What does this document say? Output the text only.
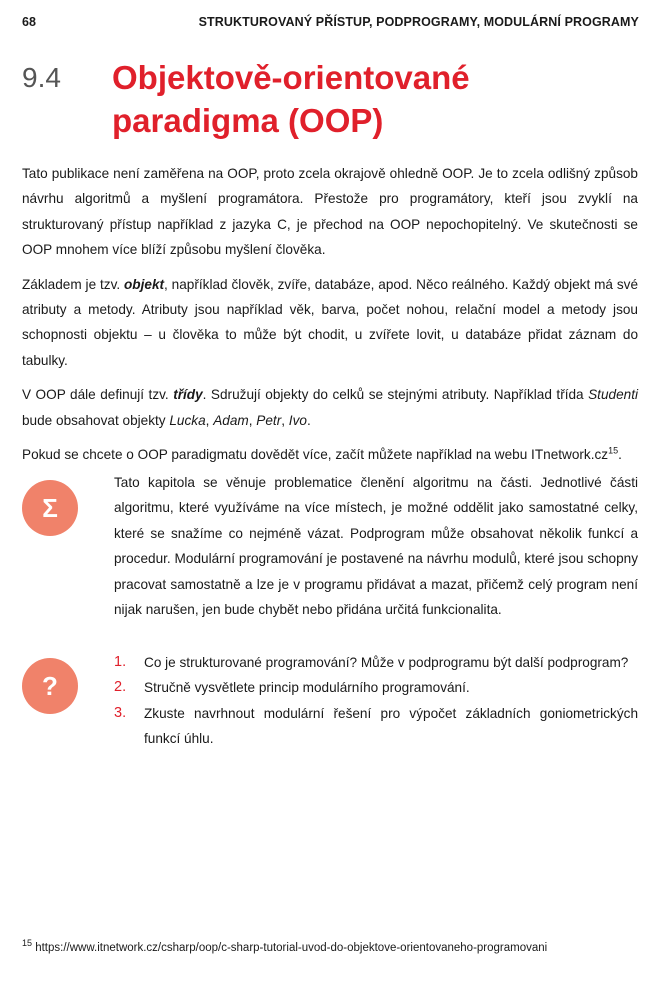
68	STRUKTUROVANÝ PŘÍSTUP, PODPROGRAMY, MODULÁRNÍ PROGRAMY
9.4 Objektově-orientované paradigma (OOP)

Tato publikace není zaměřena na OOP, proto zcela okrajově ohledně OOP. Je to zcela odlišný způsob návrhu algoritmů a myšlení programátora. Přestože pro programátory, kteří jsou zvyklí na strukturovaný přístup například z jazyka C, je přechod na OOP nepochopitelný. Ve skutečnosti se OOP mnohem více blíží způsobu myšlení člověka.

Základem je tzv. objekt, například člověk, zvíře, databáze, apod. Něco reálného. Každý objekt má své atributy a metody. Atributy jsou například věk, barva, počet nohou, relační model a metody jsou schopnosti objektu – u člověka to může být chodit, u zvířete lovit, u databáze přidat záznam do tabulky.

V OOP dále definují tzv. třídy. Sdružují objekty do celků se stejnými atributy. Například třída Studenti bude obsahovat objekty Lucka, Adam, Petr, Ivo.

Pokud se chcete o OOP paradigmatu dovědět více, začít můžete například na webu $ITnetwork.cz^{15}$.

Σ
Tato kapitola se věnuje problematice členění algoritmu na části. Jednotlivé části algoritmu, které využíváme na více místech, je možné oddělit jako samostatné celky, které se snažíme co nejméně vázat. Podprogram může obsahovat několik funkcí a procedur. Modulární programování je postavené na návrhu modulů, které jsou schopny pracovat samostatně a lze je v programu přidávat a mazat, přičemž celý program není nijak narušen, jen bude chybět nebo přidána určitá funkcionalita.
?
1.	Co je strukturované programování? Může v podprogramu být další podprogram?
2.	Stručně vysvětlete princip modulárního programování.
3.	Zkuste navrhnout modulární řešení pro výpočet základních goniometrických funkcí úhlu.
$^{15}$ https://www.itnetwork.cz/csharp/oop/c-sharp-tutorial-uvod-do-objektove-orientovaneho-programovani
